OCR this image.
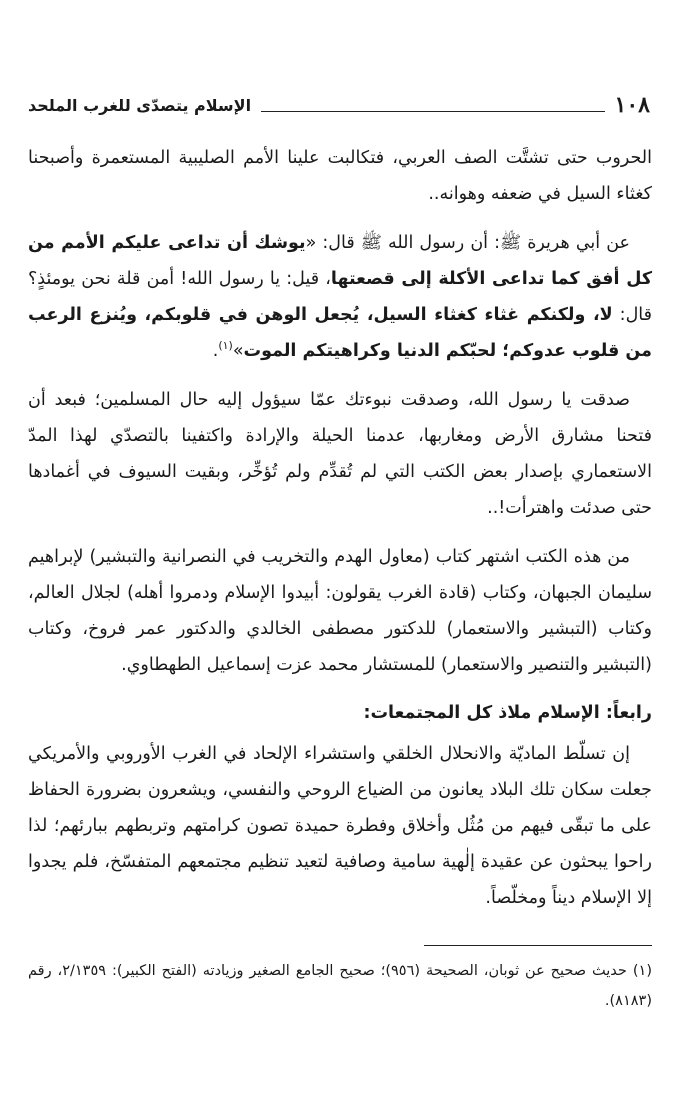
١٠٨
الإسلام يتصدّى للغرب الملحد

الحروب حتى تشتَّت الصف العربي، فتكالبت علينا الأمم الصليبية المستعمرة وأصبحنا كغثاء السيل في ضعفه وهوانه..

عن أبي هريرة ﷺ: أن رسول الله ﷺ قال: «يوشك أن تداعى عليكم الأمم من كل أفق كما تداعى الأكلة إلى قصعتها، قيل: يا رسول الله! أمن قلة نحن يومئذٍ؟ قال: لا، ولكنكم غثاء كغثاء السيل، يُجعل الوهن في قلوبكم، ويُنزع الرعب من قلوب عدوكم؛ لحبّكم الدنيا وكراهيتكم الموت»$^{(١)}$.

صدقت يا رسول الله، وصدقت نبوءتك عمّا سيؤول إليه حال المسلمين؛ فبعد أن فتحنا مشارق الأرض ومغاربها، عدمنا الحيلة والإرادة واكتفينا بالتصدّي لهذا المدّ الاستعماري بإصدار بعض الكتب التي لم تُقدِّم ولم تُؤخِّر، وبقيت السيوف في أغمادها حتى صدئت واهترأت!..

من هذه الكتب اشتهر كتاب (معاول الهدم والتخريب في النصرانية والتبشير) لإبراهيم سليمان الجبهان، وكتاب (قادة الغرب يقولون: أبيدوا الإسلام ودمروا أهله) لجلال العالم، وكتاب (التبشير والاستعمار) للدكتور مصطفى الخالدي والدكتور عمر فروخ، وكتاب (التبشير والتنصير والاستعمار) للمستشار محمد عزت إسماعيل الطهطاوي.

رابعاً: الإسلام ملاذ كل المجتمعات:

إن تسلّط الماديّة والانحلال الخلقي واستشراء الإلحاد في الغرب الأوروبي والأمريكي جعلت سكان تلك البلاد يعانون من الضياع الروحي والنفسي، ويشعرون بضرورة الحفاظ على ما تبقّى فيهم من مُثُل وأخلاق وفطرة حميدة تصون كرامتهم وتربطهم ببارئهم؛ لذا راحوا يبحثون عن عقيدة إلٰهية سامية وصافية لتعيد تنظيم مجتمعهم المتفسّخ، فلم يجدوا إلا الإسلام ديناً ومخلّصاً.

(١)حديث صحيح عن ثوبان، الصحيحة (٩٥٦)؛ صحيح الجامع الصغير وزيادته (الفتح الكبير): ٢/١٣٥٩، رقم (٨١٨٣).
